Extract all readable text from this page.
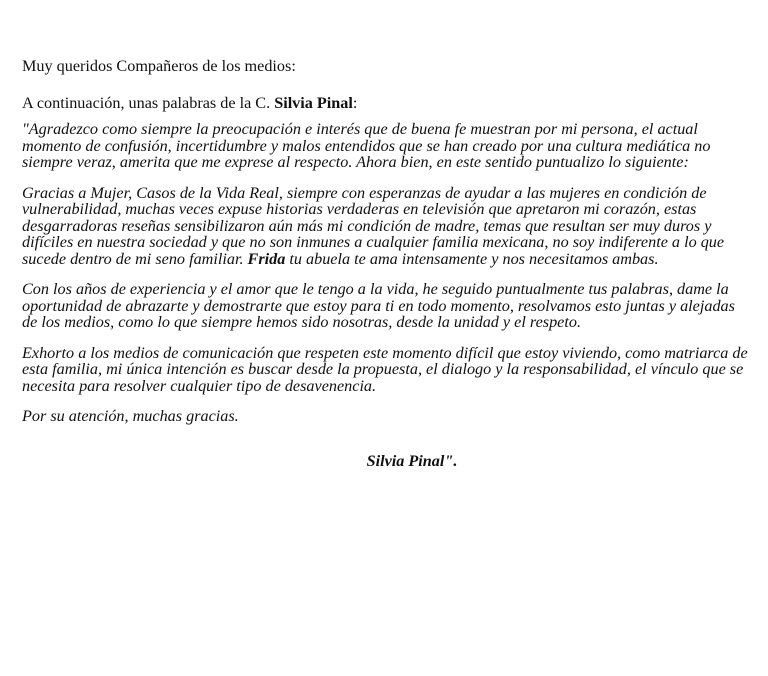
Muy queridos Compañeros de los medios:

A continuación, unas palabras de la C. Silvia Pinal:

"Agradezco como siempre la preocupación e interés que de buena fe muestran por mi persona, el actual momento de confusión, incertidumbre y malos entendidos que se han creado por una cultura mediática no siempre veraz, amerita que me exprese al respecto. Ahora bien, en este sentido puntualizo lo siguiente:

Gracias a Mujer, Casos de la Vida Real, siempre con esperanzas de ayudar a las mujeres en condición de vulnerabilidad, muchas veces expuse historias verdaderas en televisión que apretaron mi corazón, estas desgarradoras reseñas sensibilizaron aún más mi condición de madre, temas que resultan ser muy duros y difíciles en nuestra sociedad y que no son inmunes a cualquier familia mexicana, no soy indiferente a lo que sucede dentro de mi seno familiar. Frida tu abuela te ama intensamente y nos necesitamos ambas.

Con los años de experiencia y el amor que le tengo a la vida, he seguido puntualmente tus palabras, dame la oportunidad de abrazarte y demostrarte que estoy para ti en todo momento, resolvamos esto juntas y alejadas de los medios, como lo que siempre hemos sido nosotras, desde la unidad y el respeto.

Exhorto a los medios de comunicación que respeten este momento difícil que estoy viviendo, como matriarca de esta familia, mi única intención es buscar desde la propuesta, el dialogo y la responsabilidad, el vínculo que se necesita para resolver cualquier tipo de desavenencia.

Por su atención, muchas gracias.

Silvia Pinal".
